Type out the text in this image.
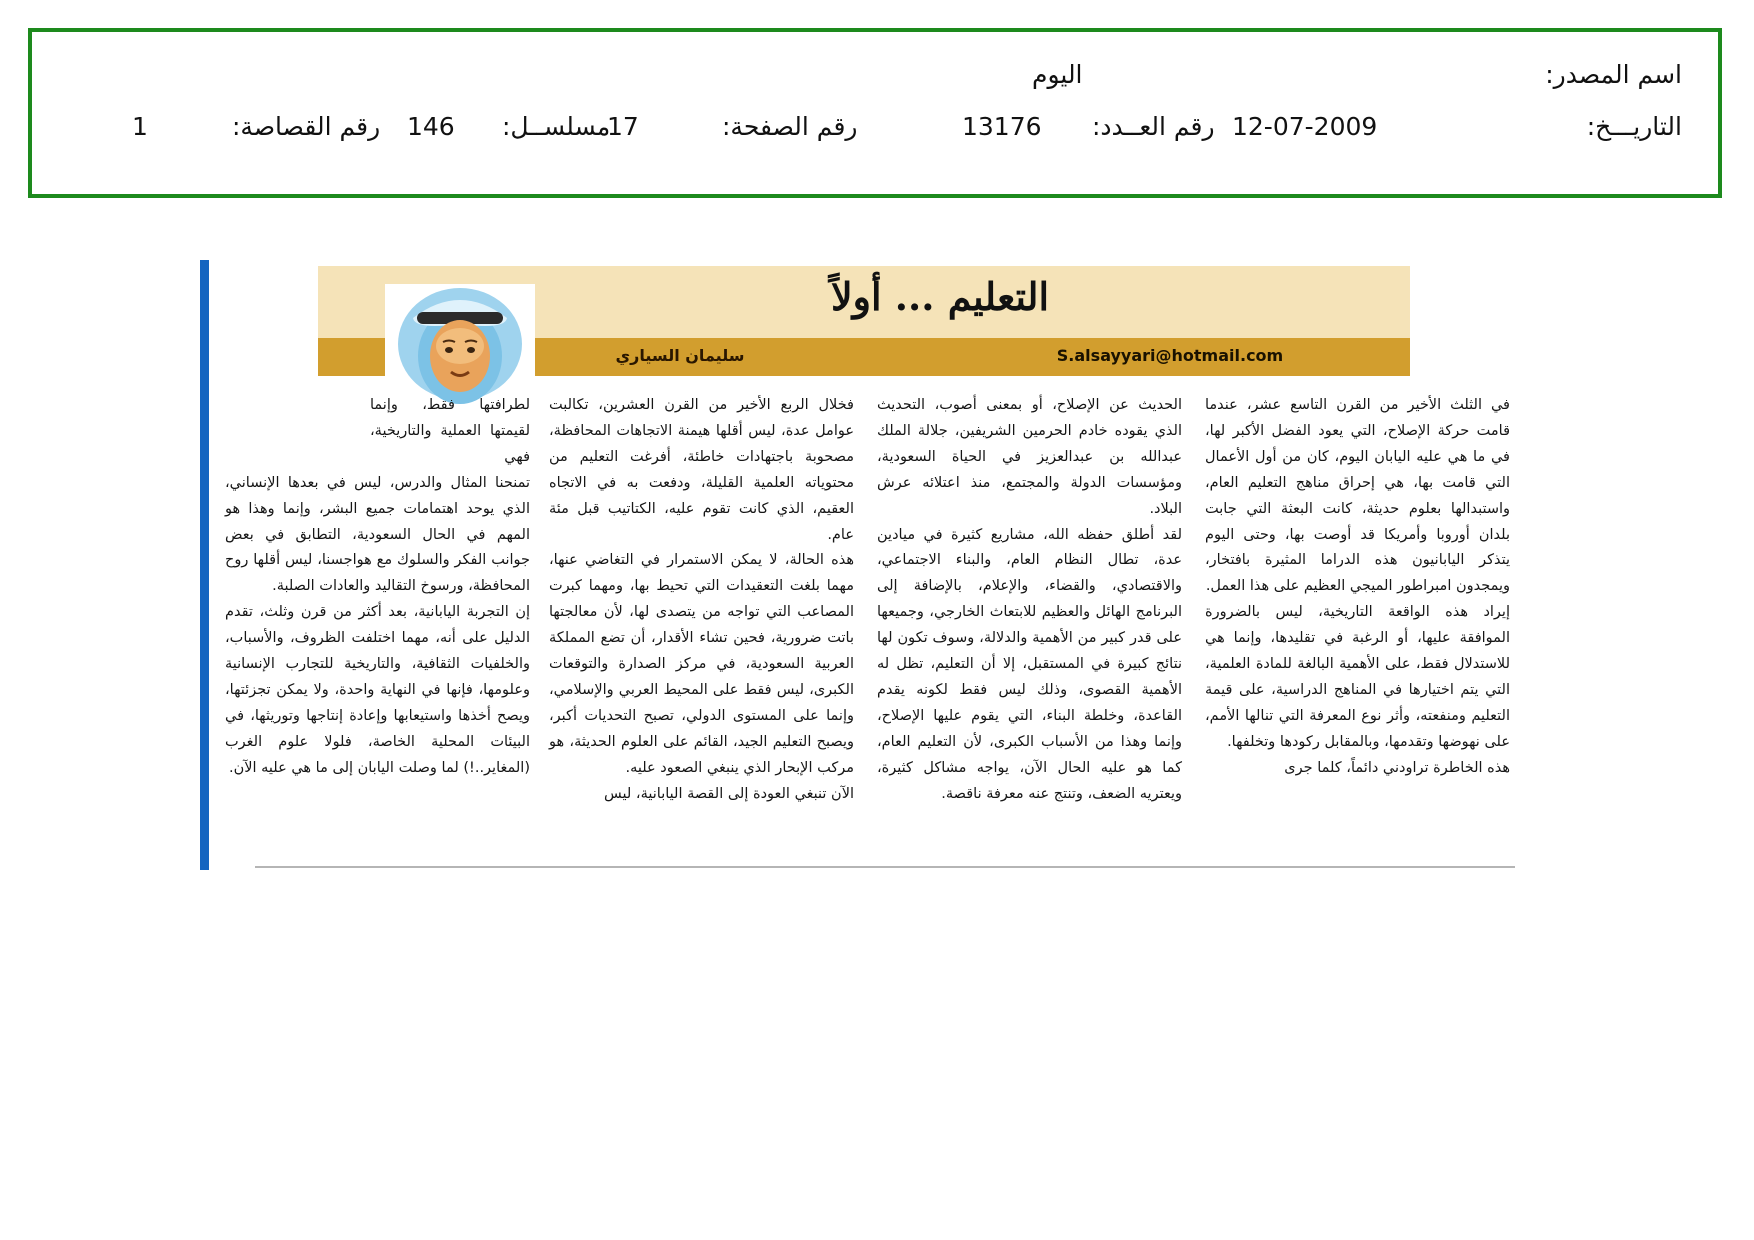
اسم المصدر:
اليوم
التاريـــخ:
12-07-2009
رقم العــدد:
13176
رقم الصفحة:
17
مسلســل:
146
رقم القصاصة:
1
التعليم ... أولاً
سليمان السياري	S.alsayyari@hotmail.com

في الثلث الأخير من القرن التاسع عشر، عندما قامت حركة الإصلاح، التي يعود الفضل الأكبر لها، في ما هي عليه اليابان اليوم، كان من أول الأعمال التي قامت بها، هي إحراق مناهج التعليم العام، واستبدالها بعلوم حديثة، كانت البعثة التي جابت بلدان أوروبا وأمريكا قد أوصت بها، وحتى اليوم يتذكر اليابانيون هذه الدراما المثيرة بافتخار، ويمجدون امبراطور الميجي العظيم على هذا العمل.

إيراد هذه الواقعة التاريخية، ليس بالضرورة الموافقة عليها، أو الرغبة في تقليدها، وإنما هي للاستدلال فقط، على الأهمية البالغة للمادة العلمية، التي يتم اختيارها في المناهج الدراسية، على قيمة التعليم ومنفعته، وأثر نوع المعرفة التي تنالها الأمم، على نهوضها وتقدمها، وبالمقابل ركودها وتخلفها.

هذه الخاطرة تراودني دائماً، كلما جرى

الحديث عن الإصلاح، أو بمعنى أصوب، التحديث الذي يقوده خادم الحرمين الشريفين، جلالة الملك عبدالله بن عبدالعزيز في الحياة السعودية، ومؤسسات الدولة والمجتمع، منذ اعتلائه عرش البلاد.

لقد أطلق حفظه الله، مشاريع كثيرة في ميادين عدة، تطال النظام العام، والبناء الاجتماعي، والاقتصادي، والقضاء، والإعلام، بالإضافة إلى البرنامج الهائل والعظيم للابتعاث الخارجي، وجميعها على قدر كبير من الأهمية والدلالة، وسوف تكون لها نتائج كبيرة في المستقبل، إلا أن التعليم، تظل له الأهمية القصوى، وذلك ليس فقط لكونه يقدم القاعدة، وخلطة البناء، التي يقوم عليها الإصلاح، وإنما وهذا من الأسباب الكبرى، لأن التعليم العام، كما هو عليه الحال الآن، يواجه مشاكل كثيرة، ويعتريه الضعف، وتنتج عنه معرفة ناقصة.

فخلال الربع الأخير من القرن العشرين، تكالبت عوامل عدة، ليس أقلها هيمنة الاتجاهات المحافظة، مصحوبة باجتهادات خاطئة، أفرغت التعليم من محتوياته العلمية القليلة، ودفعت به في الاتجاه العقيم، الذي كانت تقوم عليه، الكتاتيب قبل مئة عام.

هذه الحالة، لا يمكن الاستمرار في التغاضي عنها، مهما بلغت التعقيدات التي تحيط بها، ومهما كبرت المصاعب التي تواجه من يتصدى لها، لأن معالجتها باتت ضرورية، فحين تشاء الأقدار، أن تضع المملكة العربية السعودية، في مركز الصدارة والتوقعات الكبرى، ليس فقط على المحيط العربي والإسلامي، وإنما على المستوى الدولي، تصبح التحديات أكبر، ويصبح التعليم الجيد، القائم على العلوم الحديثة، هو مركب الإبحار الذي ينبغي الصعود عليه.

الآن تنبغي العودة إلى القصة اليابانية، ليس

لطرافتها فقط، وإنما لقيمتها العملية والتاريخية، فهي

تمنحنا المثال والدرس، ليس في بعدها الإنساني، الذي يوحد اهتمامات جميع البشر، وإنما وهذا هو المهم في الحال السعودية، التطابق في بعض جوانب الفكر والسلوك مع هواجسنا، ليس أقلها روح المحافظة، ورسوخ التقاليد والعادات الصلبة.

إن التجربة اليابانية، بعد أكثر من قرن وثلث، تقدم الدليل على أنه، مهما اختلفت الظروف، والأسباب، والخلفيات الثقافية، والتاريخية للتجارب الإنسانية وعلومها، فإنها في النهاية واحدة، ولا يمكن تجزئتها، ويصح أخذها واستيعابها وإعادة إنتاجها وتوريثها، في البيئات المحلية الخاصة، فلولا علوم الغرب (المغاير..!) لما وصلت اليابان إلى ما هي عليه الآن.
